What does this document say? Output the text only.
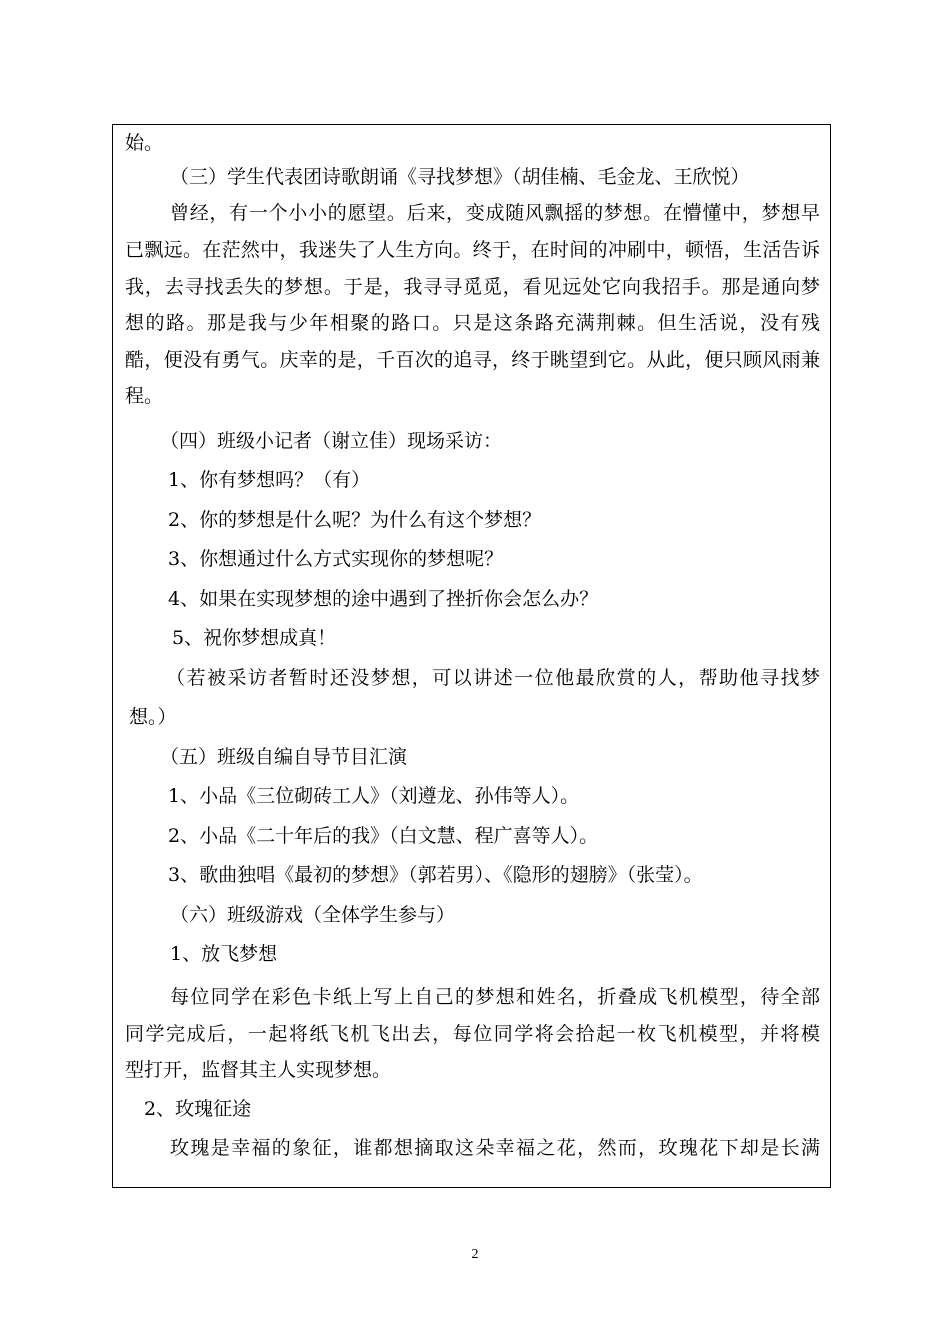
始。
（三）学生代表团诗歌朗诵《寻找梦想》（胡佳楠、毛金龙、王欣悦）
曾经，有一个小小的愿望。后来，变成随风飘摇的梦想。在懵懂中，梦想早
已飘远。在茫然中，我迷失了人生方向。终于，在时间的冲刷中，顿悟，生活告诉
我，去寻找丢失的梦想。于是，我寻寻觅觅，看见远处它向我招手。那是通向梦
想的路。那是我与少年相聚的路口。只是这条路充满荆棘。但生活说，没有残
酷，便没有勇气。庆幸的是，千百次的追寻，终于眺望到它。从此，便只顾风雨兼
程。
（四）班级小记者（谢立佳）现场采访：
1、你有梦想吗？（有）
2、你的梦想是什么呢？为什么有这个梦想？
3、你想通过什么方式实现你的梦想呢？
4、如果在实现梦想的途中遇到了挫折你会怎么办？
5、祝你梦想成真！
（若被采访者暂时还没梦想，可以讲述一位他最欣赏的人，帮助他寻找梦
想。）
（五）班级自编自导节目汇演
1、小品《三位砌砖工人》（刘遵龙、孙伟等人）。
2、小品《二十年后的我》（白文慧、程广喜等人）。
3、歌曲独唱《最初的梦想》（郭若男）、《隐形的翅膀》（张莹）。
（六）班级游戏（全体学生参与）
1、放飞梦想
每位同学在彩色卡纸上写上自己的梦想和姓名，折叠成飞机模型，待全部
同学完成后，一起将纸飞机飞出去，每位同学将会拾起一枚飞机模型，并将模
型打开，监督其主人实现梦想。
2、玫瑰征途
玫瑰是幸福的象征，谁都想摘取这朵幸福之花，然而，玫瑰花下却是长满
2
